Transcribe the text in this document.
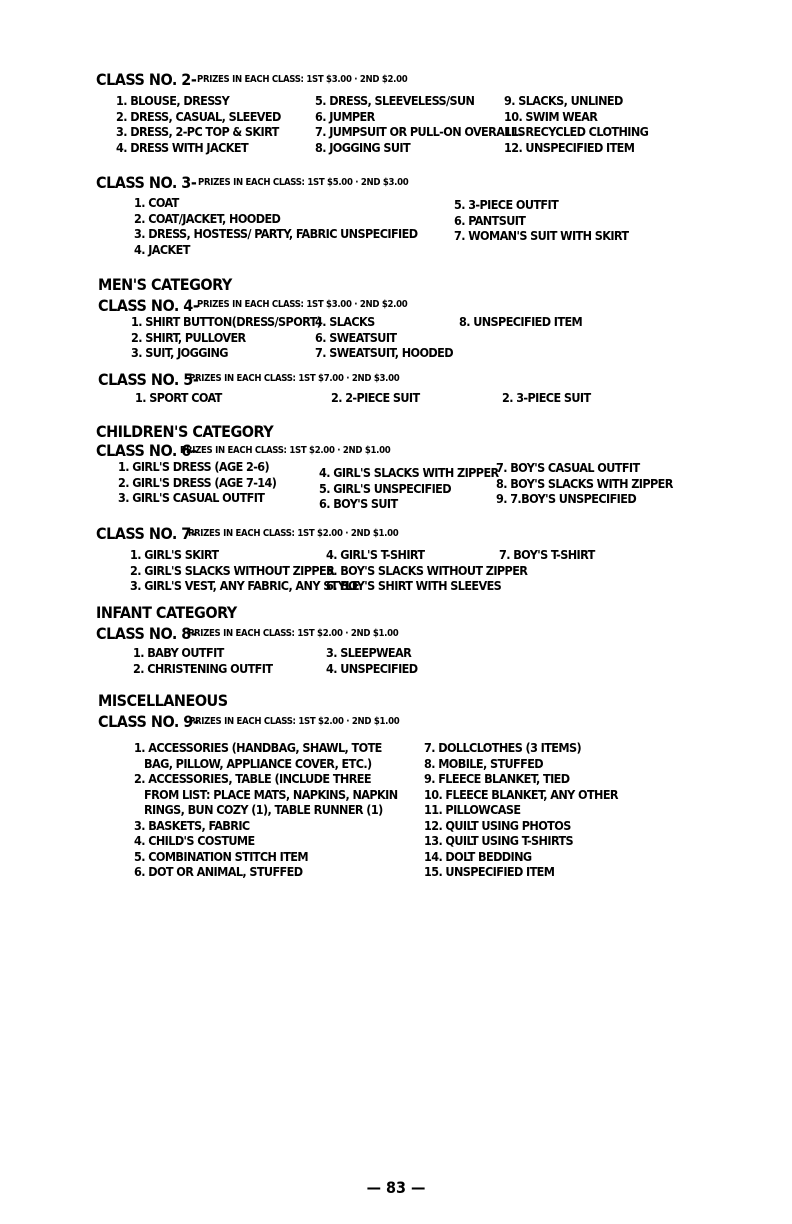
CLASS NO. 2- PRIZES IN EACH CLASS: 1ST $3.00 · 2ND $2.00
1. BLOUSE, DRESSY
2. DRESS, CASUAL, SLEEVED
3. DRESS, 2-PC TOP & SKIRT
4. DRESS WITH JACKET
5. DRESS, SLEEVELESS/SUN
6. JUMPER
7. JUMPSUIT OR PULL-ON OVERALLS
8. JOGGING SUIT
9. SLACKS, UNLINED
10. SWIM WEAR
11. RECYCLED CLOTHING
12. UNSPECIFIED ITEM
CLASS NO. 3- PRIZES IN EACH CLASS: 1ST $5.00 · 2ND $3.00
1. COAT
2. COAT/JACKET, HOODED
3. DRESS, HOSTESS/ PARTY, FABRIC UNSPECIFIED
4. JACKET
5. 3-PIECE OUTFIT
6. PANTSUIT
7. WOMAN'S SUIT WITH SKIRT
MEN'S CATEGORY
CLASS NO. 4-
PRIZES IN EACH CLASS: 1ST $3.00 · 2ND $2.00
1. SHIRT BUTTON(DRESS/SPORT)
2. SHIRT, PULLOVER
3. SUIT, JOGGING
4. SLACKS
6. SWEATSUIT
7. SWEATSUIT, HOODED
8. UNSPECIFIED ITEM
CLASS NO. 5-
PRIZES IN EACH CLASS: 1ST $7.00 · 2ND $3.00
1. SPORT COAT	2. 2-PIECE SUIT	2. 3-PIECE SUIT
CHILDREN'S CATEGORY
CLASS NO. 6-
PRIZES IN EACH CLASS: 1ST $2.00 · 2ND $1.00
1. GIRL'S DRESS (AGE 2-6)
2. GIRL'S DRESS (AGE 7-14)
3. GIRL'S CASUAL OUTFIT
4. GIRL'S SLACKS WITH ZIPPER
5. GIRL'S UNSPECIFIED
6. BOY'S SUIT
7. BOY'S CASUAL OUTFIT
8. BOY'S SLACKS WITH ZIPPER
9. 7.BOY'S UNSPECIFIED
CLASS NO. 7-
PRIZES IN EACH CLASS: 1ST $2.00 · 2ND $1.00
1. GIRL'S SKIRT
2. GIRL'S SLACKS WITHOUT ZIPPER
3. GIRL'S VEST, ANY FABRIC, ANY STYLE
4. GIRL'S T-SHIRT
5. BOY'S SLACKS WITHOUT ZIPPER
6. BOY'S SHIRT WITH SLEEVES
7. BOY'S T-SHIRT
INFANT CATEGORY
CLASS NO. 8-
PRIZES IN EACH CLASS: 1ST $2.00 · 2ND $1.00
1. BABY OUTFIT
2. CHRISTENING OUTFIT
3. SLEEPWEAR
4. UNSPECIFIED
MISCELLANEOUS
CLASS NO. 9-
PRIZES IN EACH CLASS: 1ST $2.00 · 2ND $1.00
1. ACCESSORIES (HANDBAG, SHAWL, TOTE
BAG, PILLOW, APPLIANCE COVER, ETC.)
2. ACCESSORIES, TABLE (INCLUDE THREE
FROM LIST: PLACE MATS, NAPKINS, NAPKIN
RINGS, BUN COZY (1), TABLE RUNNER (1)
3. BASKETS, FABRIC
4. CHILD'S COSTUME
5. COMBINATION STITCH ITEM
6. DOT OR ANIMAL, STUFFED
7. DOLLCLOTHES (3 ITEMS)
8. MOBILE, STUFFED
9. FLEECE BLANKET, TIED
10. FLEECE BLANKET, ANY OTHER
11. PILLOWCASE
12. QUILT USING PHOTOS
13. QUILT USING T-SHIRTS
14. DOLT BEDDING
15. UNSPECIFIED ITEM
— 83 —
